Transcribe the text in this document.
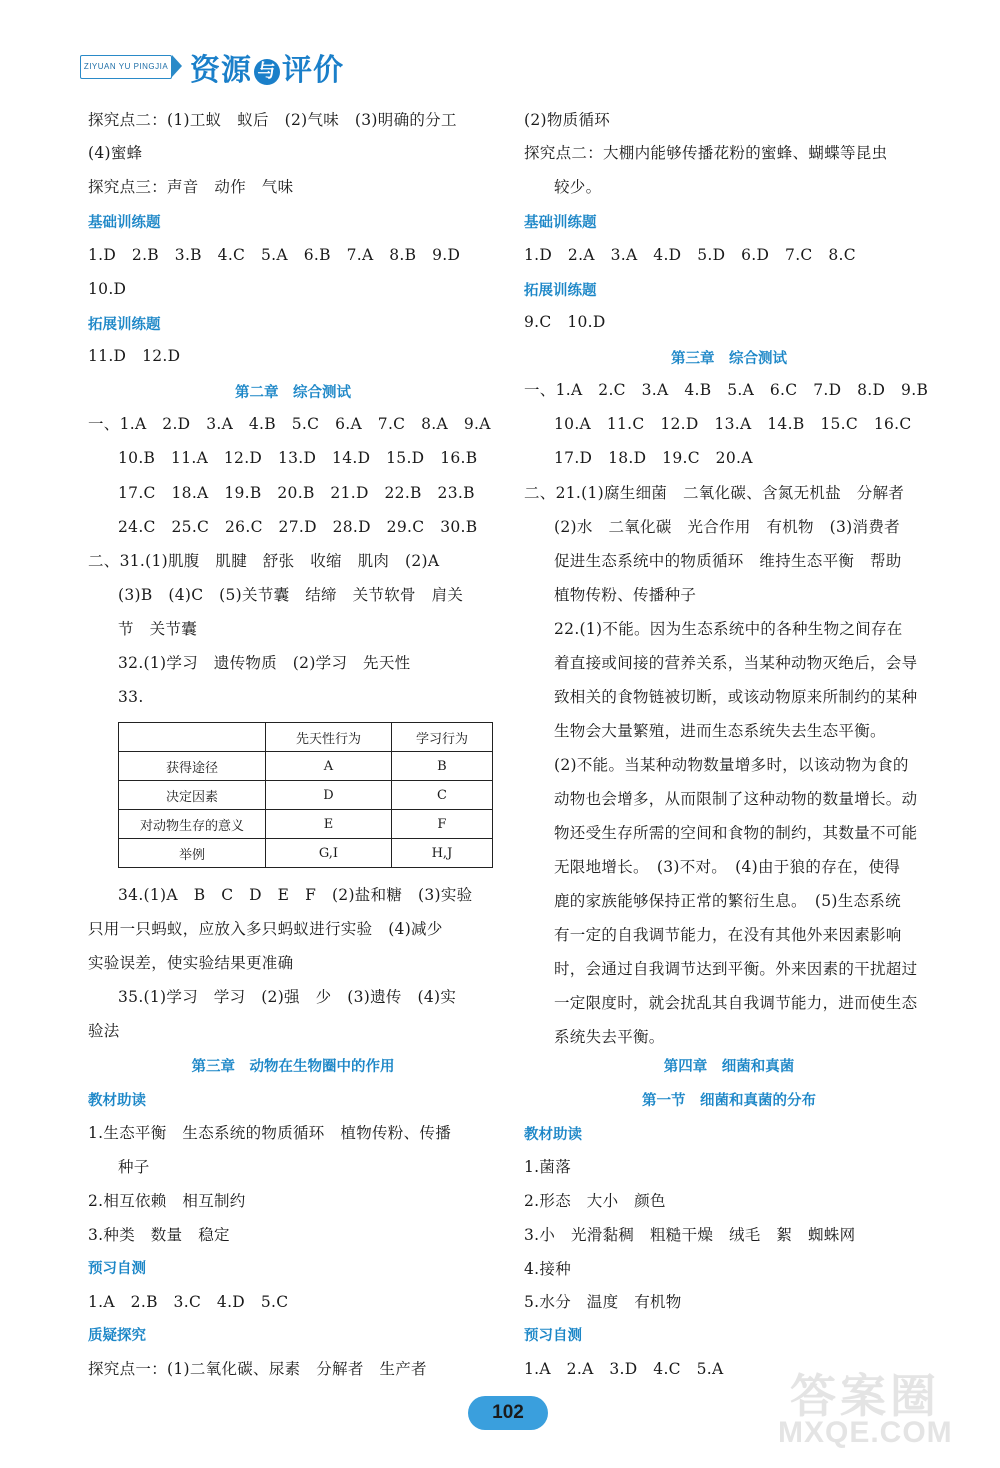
ZIYUAN YU PINGJIA 资源 与 评价
探究点二：(1)工蚁　蚁后　(2)气味　(3)明确的分工
(4)蜜蜂
探究点三：声音　动作　气味
基础训练题
1.D　2.B　3.B　4.C　5.A　6.B　7.A　8.B　9.D
10.D
拓展训练题
11.D　12.D
第二章　综合测试
一、1.A　2.D　3.A　4.B　5.C　6.A　7.C　8.A　9.A
10.B　11.A　12.D　13.D　14.D　15.D　16.B
17.C　18.A　19.B　20.B　21.D　22.B　23.B
24.C　25.C　26.C　27.D　28.D　29.C　30.B
二、31.(1)肌腹　肌腱　舒张　收缩　肌肉　(2)A
(3)B　(4)C　(5)关节囊　结缔　关节软骨　肩关
节　关节囊
32.(1)学习　遗传物质　(2)学习　先天性
33.
	先天性行为	学习行为
获得途径	A	B
决定因素	D	C
对动物生存的意义	E	F
举例	G,I	H,J
34.(1)A　B　C　D　E　F　(2)盐和糖　(3)实验
只用一只蚂蚁，应放入多只蚂蚁进行实验　(4)减少
实验误差，使实验结果更准确
35.(1)学习　学习　(2)强　少　(3)遗传　(4)实
验法
第三章　动物在生物圈中的作用
教材助读
1.生态平衡　生态系统的物质循环　植物传粉、传播
种子
2.相互依赖　相互制约
3.种类　数量　稳定
预习自测
1.A　2.B　3.C　4.D　5.C
质疑探究
探究点一：(1)二氧化碳、尿素　分解者　生产者
(2)物质循环
探究点二：大棚内能够传播花粉的蜜蜂、蝴蝶等昆虫
较少。
基础训练题
1.D　2.A　3.A　4.D　5.D　6.D　7.C　8.C
拓展训练题
9.C　10.D
第三章　综合测试
一、1.A　2.C　3.A　4.B　5.A　6.C　7.D　8.D　9.B
10.A　11.C　12.D　13.A　14.B　15.C　16.C
17.D　18.D　19.C　20.A
二、21.(1)腐生细菌　二氧化碳、含氮无机盐　分解者
(2)水　二氧化碳　光合作用　有机物　(3)消费者
促进生态系统中的物质循环　维持生态平衡　帮助
植物传粉、传播种子
22.(1)不能。因为生态系统中的各种生物之间存在
着直接或间接的营养关系，当某种动物灭绝后，会导
致相关的食物链被切断，或该动物原来所制约的某种
生物会大量繁殖，进而生态系统失去生态平衡。
(2)不能。当某种动物数量增多时，以该动物为食的
动物也会增多，从而限制了这种动物的数量增长。动
物还受生存所需的空间和食物的制约，其数量不可能
无限地增长。　(3)不对。　(4)由于狼的存在，使得
鹿的家族能够保持正常的繁衍生息。　(5)生态系统
有一定的自我调节能力，在没有其他外来因素影响
时，会通过自我调节达到平衡。外来因素的干扰超过
一定限度时，就会扰乱其自我调节能力，进而使生态
系统失去平衡。
第四章　细菌和真菌
第一节　细菌和真菌的分布
教材助读
1.菌落
2.形态　大小　颜色
3.小　光滑黏稠　粗糙干燥　绒毛　絮　蜘蛛网
4.接种
5.水分　温度　有机物
预习自测
1.A　2.A　3.D　4.C　5.A
102	答案圈
MXQE.COM
